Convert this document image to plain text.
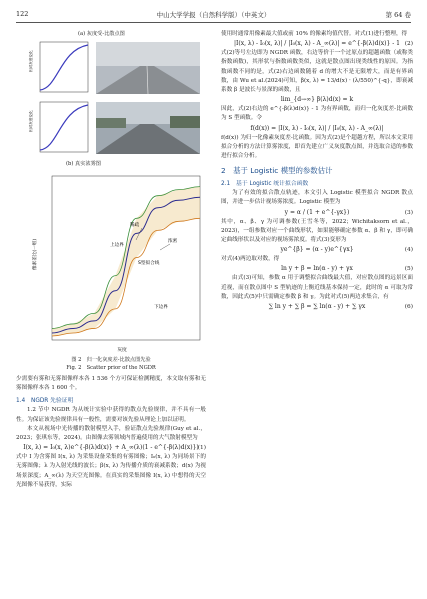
122	中山大学学报（自然科学版）（中英文）	第 64 卷
(a) 灰度受-比散点图
相对灰度变化
相对灰度变化
(b) 真实浓雾图
像素差比(一组)
灰度
稀疏
上边界
浓密
S型拟合线
下边界
图 2　归一化灰度差-比散点图先验
Fig. 2　Scatter prior of the NGDR

少需要有雾和无雾图像样本各 1 536 个方可保证检测精度，本文取有雾和无雾图像样本各 1 600 个。

1.4　NGDR 先验证明

1.2 节中 NGDR 为从统计实验中获得的散点先验规律，并不具有一般性。为保证该先验规律具有一般性，需要对该先验从理论上加以证明。

本文从视场中光传播的散射模型入手，验证散点先验规律(Guy et al.，2023；张琪东等，2024)。由图像去雾领域内普遍使用的大气散射模型为

I(x, λ) = I₀(x, λ)e^{-β(λ)d(x)} + A_∞(λ)(1 - e^{-β(λ)d(x)}) (1)

式中 I 为含雾图 I(x, λ) 为采集设备采集的有雾图像；I₀(x, λ) 为同场景下的无雾图像；λ 为入射光线的波长；β(x, λ) 为传播介质的衰减系数；d(x) 为视场景深度；A_∞(λ) 为天空光图像。在真实的采集图像 I(x, λ) 中想得的天空光图像不易获得，实际

使用时通常用像素最大值或前 10% 的像素均值代替。对式(1)进行整理，得

|I(x, λ) - I₀(x, λ)| / |I₀(x, λ) - A_∞(λ)| = e^{-β(λ)d(x)} - 1 (2)

式(2)等号左边即为 NGDR 函数，右边等价于一个过原点的超越函数（或称类指数函数)，其形状与指数函数类似，这就是散点图出现类线性的原因。为指数函数不同的是，式(2)右边函数随着 d 的增大不是无限增大，而是有界函数，由 Wu et al.(2024)可知，β(x, λ) = 13/d(x) · (λ/550)^{-q}，即衰减系数 β 是波长与景深的函数，且

lim_{d→∞} β(λ)d(x) = k

因此，式(2)右边的 e^{-β(λ)d(x)} - 1 为有界函数，而归一化灰度差-比函数为 S 型函数。令

f(d(x)) = |I(x, λ) - I₀(x, λ)| / |I₀(x, λ) - A_∞(λ)|

f(d(x)) 为归一化像素灰度差-比函数。因为式(2)是个超越方程，所以本文采用拟合分析的方法计算雾浓度，即首先建立广义灰度散点图，并选取合适的参数进行拟合分析。

2　基于 Logistic 模型的参数估计
2.1　基于 Logistic 统计拟合函数

为了有效的拟合散点轨迹，本文引入 Logistic 模型拟合 NGDR 散点图，并进一步估计视场雾浓度。Logistic 模型为

y = α / (1 + e^{-γx})	(3)

其中，α、β、γ 为可调参数(王雪冬等，2022；Wichitaksorn et al.，2023)，一组参数对应一个曲线形状，如果能够确定参数 α、β 和 γ，即可确定曲线形状以及对应的视场雾浓度。将式(3)变形为

ye^{β} = (α - y)e^{γx}	(4)

对式(4)两边取对数，得

ln y + β = ln(α - y) + γx	(5)

由式(3)可知，参数 α 用于调整拟合曲线最大值，对应散点图的远景区面近视，而在散点图中 S 型轨迹的上衡近线基本保持一定，此时的 α 可取为常数，因此式(5)中只需确定参数 β 和 γ。为此对式(5)两边求集合，有

∑ ln y + ∑ β = ∑ ln(α - y) + ∑ γx	(6)
